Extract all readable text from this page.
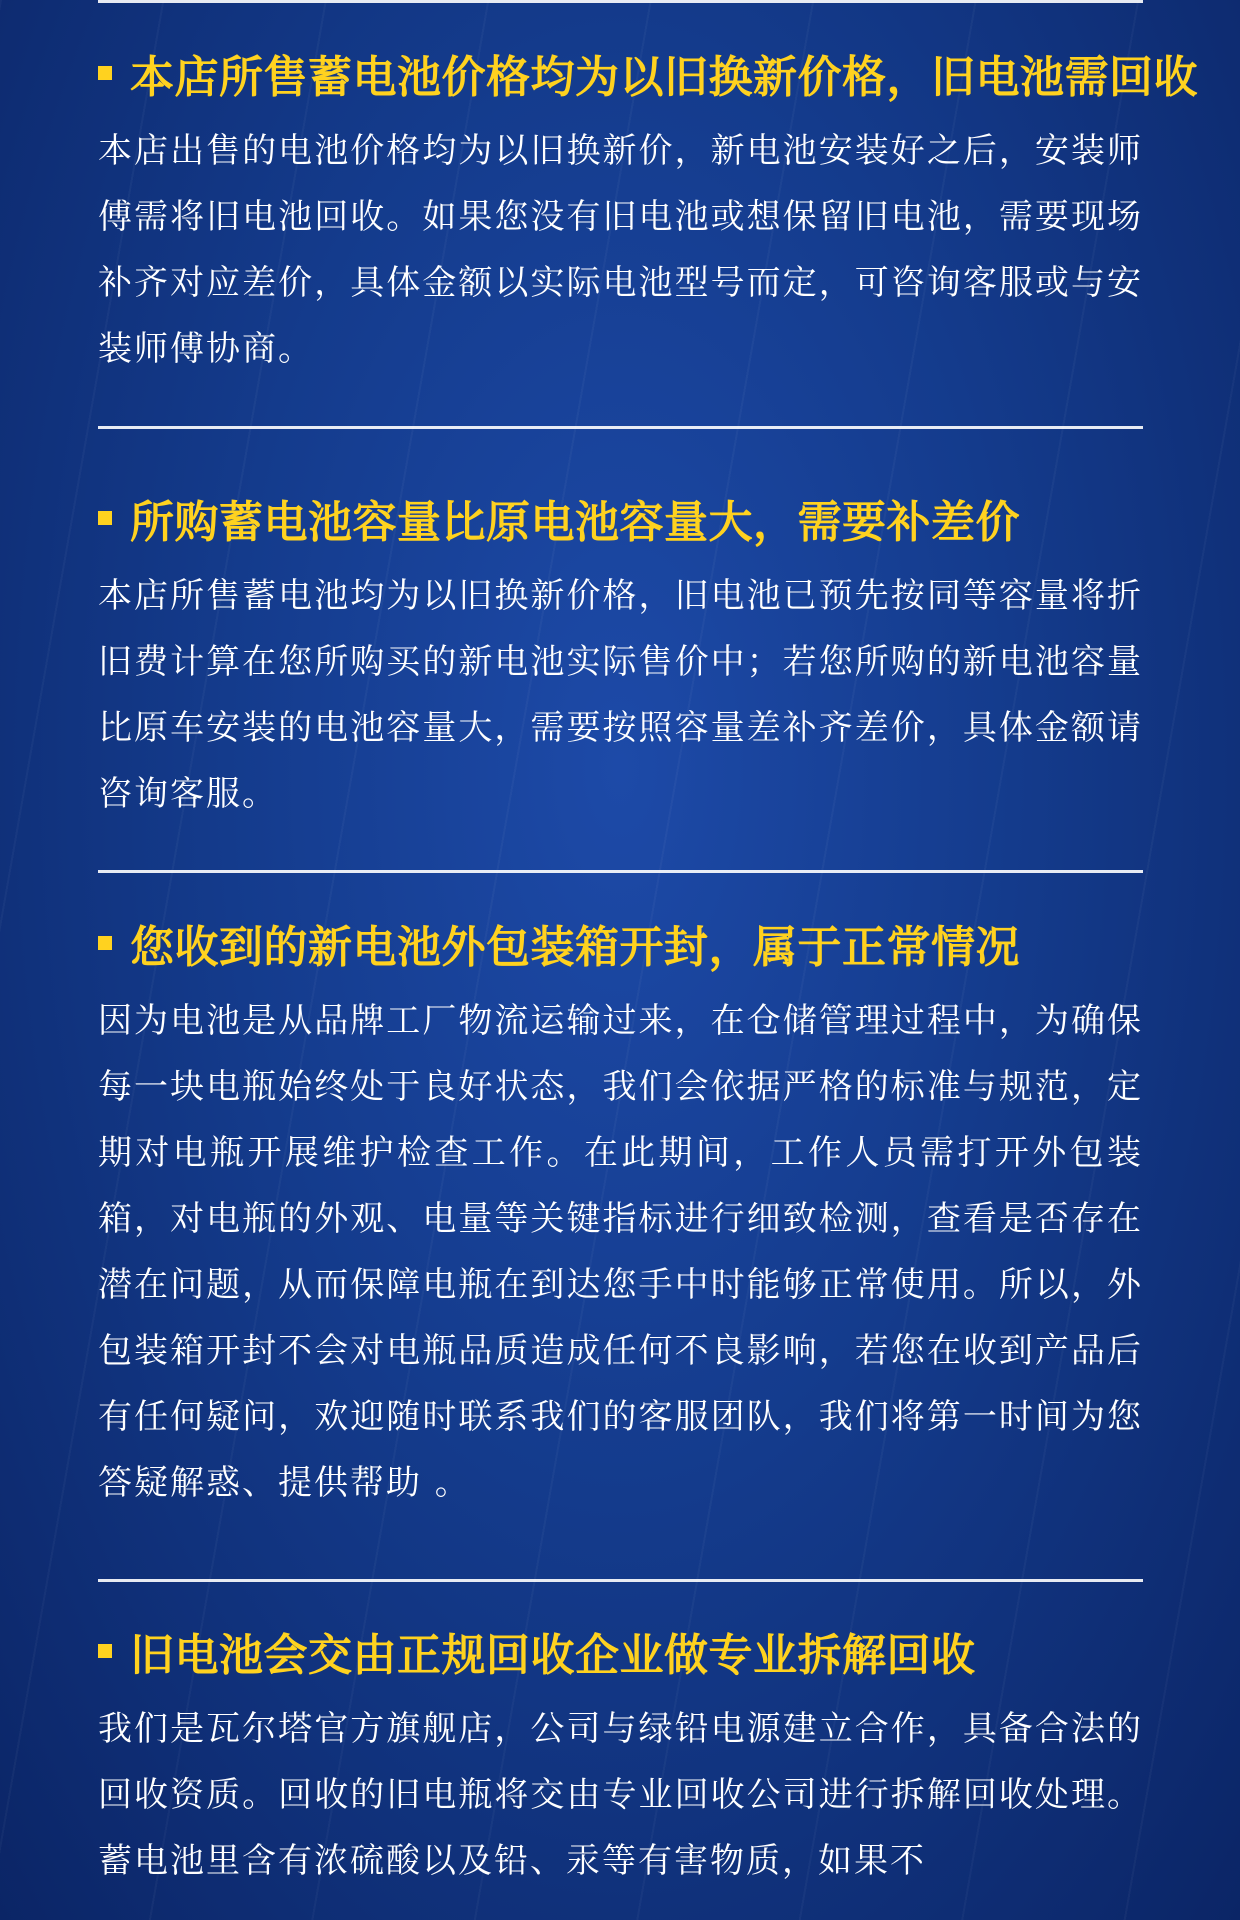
本店所售蓄电池价格均为以旧换新价格，旧电池需回收
本店出售的电池价格均为以旧换新价，新电池安装好之后，安装师傅需将旧电池回收。如果您没有旧电池或想保留旧电池，需要现场补齐对应差价，具体金额以实际电池型号而定，可咨询客服或与安装师傅协商。
所购蓄电池容量比原电池容量大，需要补差价
本店所售蓄电池均为以旧换新价格，旧电池已预先按同等容量将折旧费计算在您所购买的新电池实际售价中；若您所购的新电池容量比原车安装的电池容量大，需要按照容量差补齐差价，具体金额请咨询客服。
您收到的新电池外包装箱开封，属于正常情况
因为电池是从品牌工厂物流运输过来，在仓储管理过程中，为确保每一块电瓶始终处于良好状态，我们会依据严格的标准与规范，定期对电瓶开展维护检查工作。在此期间，工作人员需打开外包装箱，对电瓶的外观、电量等关键指标进行细致检测，查看是否存在潜在问题，从而保障电瓶在到达您手中时能够正常使用。所以，外包装箱开封不会对电瓶品质造成任何不良影响，若您在收到产品后有任何疑问，欢迎随时联系我们的客服团队，我们将第一时间为您答疑解惑、提供帮助 。
旧电池会交由正规回收企业做专业拆解回收
我们是瓦尔塔官方旗舰店，公司与绿铅电源建立合作，具备合法的回收资质。回收的旧电瓶将交由专业回收公司进行拆解回收处理。蓄电池里含有浓硫酸以及铅、汞等有害物质，如果不
